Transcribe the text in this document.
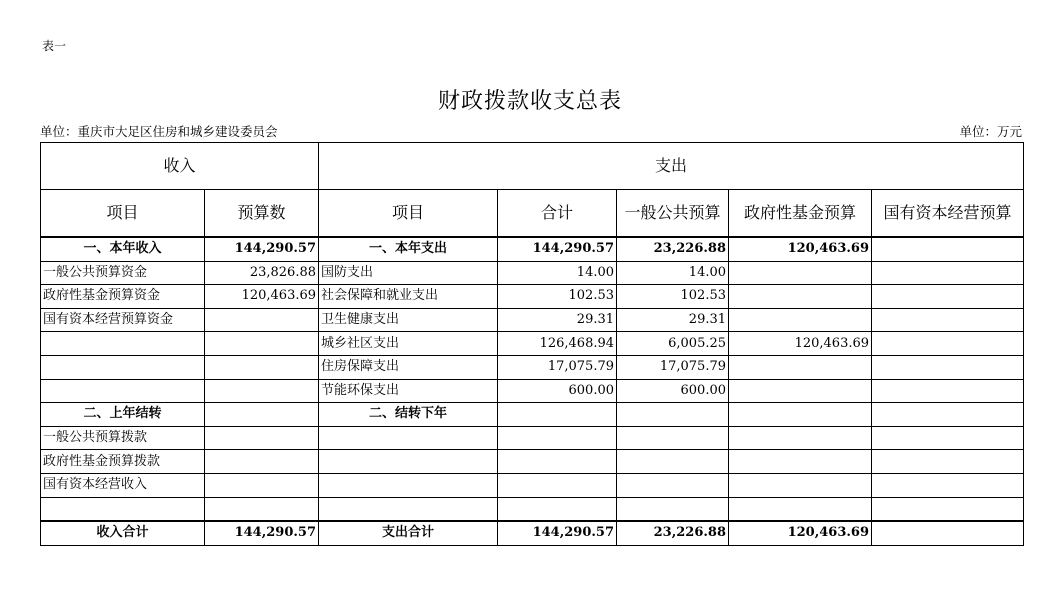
表一
财政拨款收支总表
单位：重庆市大足区住房和城乡建设委员会	单位：万元
收入		支出				
项目	预算数	项目	合计	一般公共预算	政府性基金预算	国有资本经营预算
一、本年收入	144,290.57	一、本年支出	144,290.57	23,226.88	120,463.69	
一般公共预算资金	23,826.88	国防支出	14.00	14.00		
政府性基金预算资金	120,463.69	社会保障和就业支出	102.53	102.53		
国有资本经营预算资金		卫生健康支出	29.31	29.31		
		城乡社区支出	126,468.94	6,005.25	120,463.69	
		住房保障支出	17,075.79	17,075.79		
		节能环保支出	600.00	600.00		
二、上年结转		二、结转下年				
一般公共预算拨款						
政府性基金预算拨款						
国有资本经营收入						

收入合计	144,290.57	支出合计	144,290.57	23,226.88	120,463.69	
